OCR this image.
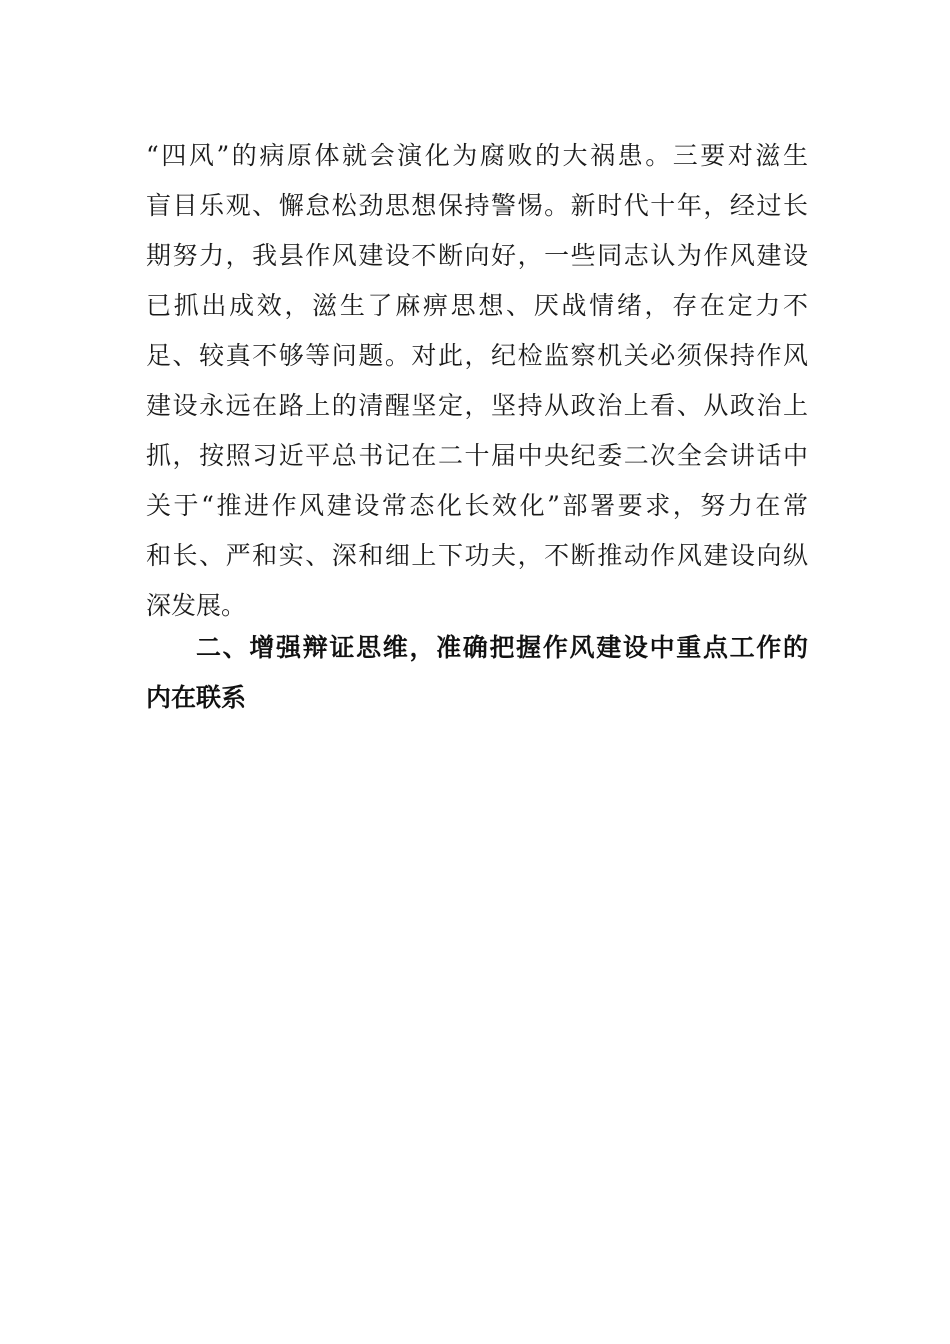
“四风”的病原体就会演化为腐败的大祸患。三要对滋生
盲目乐观、懈怠松劲思想保持警惕。新时代十年，经过长
期努力，我县作风建设不断向好，一些同志认为作风建设
已抓出成效，滋生了麻痹思想、厌战情绪，存在定力不
足、较真不够等问题。对此，纪检监察机关必须保持作风
建设永远在路上的清醒坚定，坚持从政治上看、从政治上
抓，按照习近平总书记在二十届中央纪委二次全会讲话中
关于“推进作风建设常态化长效化”部署要求，努力在常
和长、严和实、深和细上下功夫，不断推动作风建设向纵
深发展。
二、增强辩证思维，准确把握作风建设中重点工作的
内在联系
